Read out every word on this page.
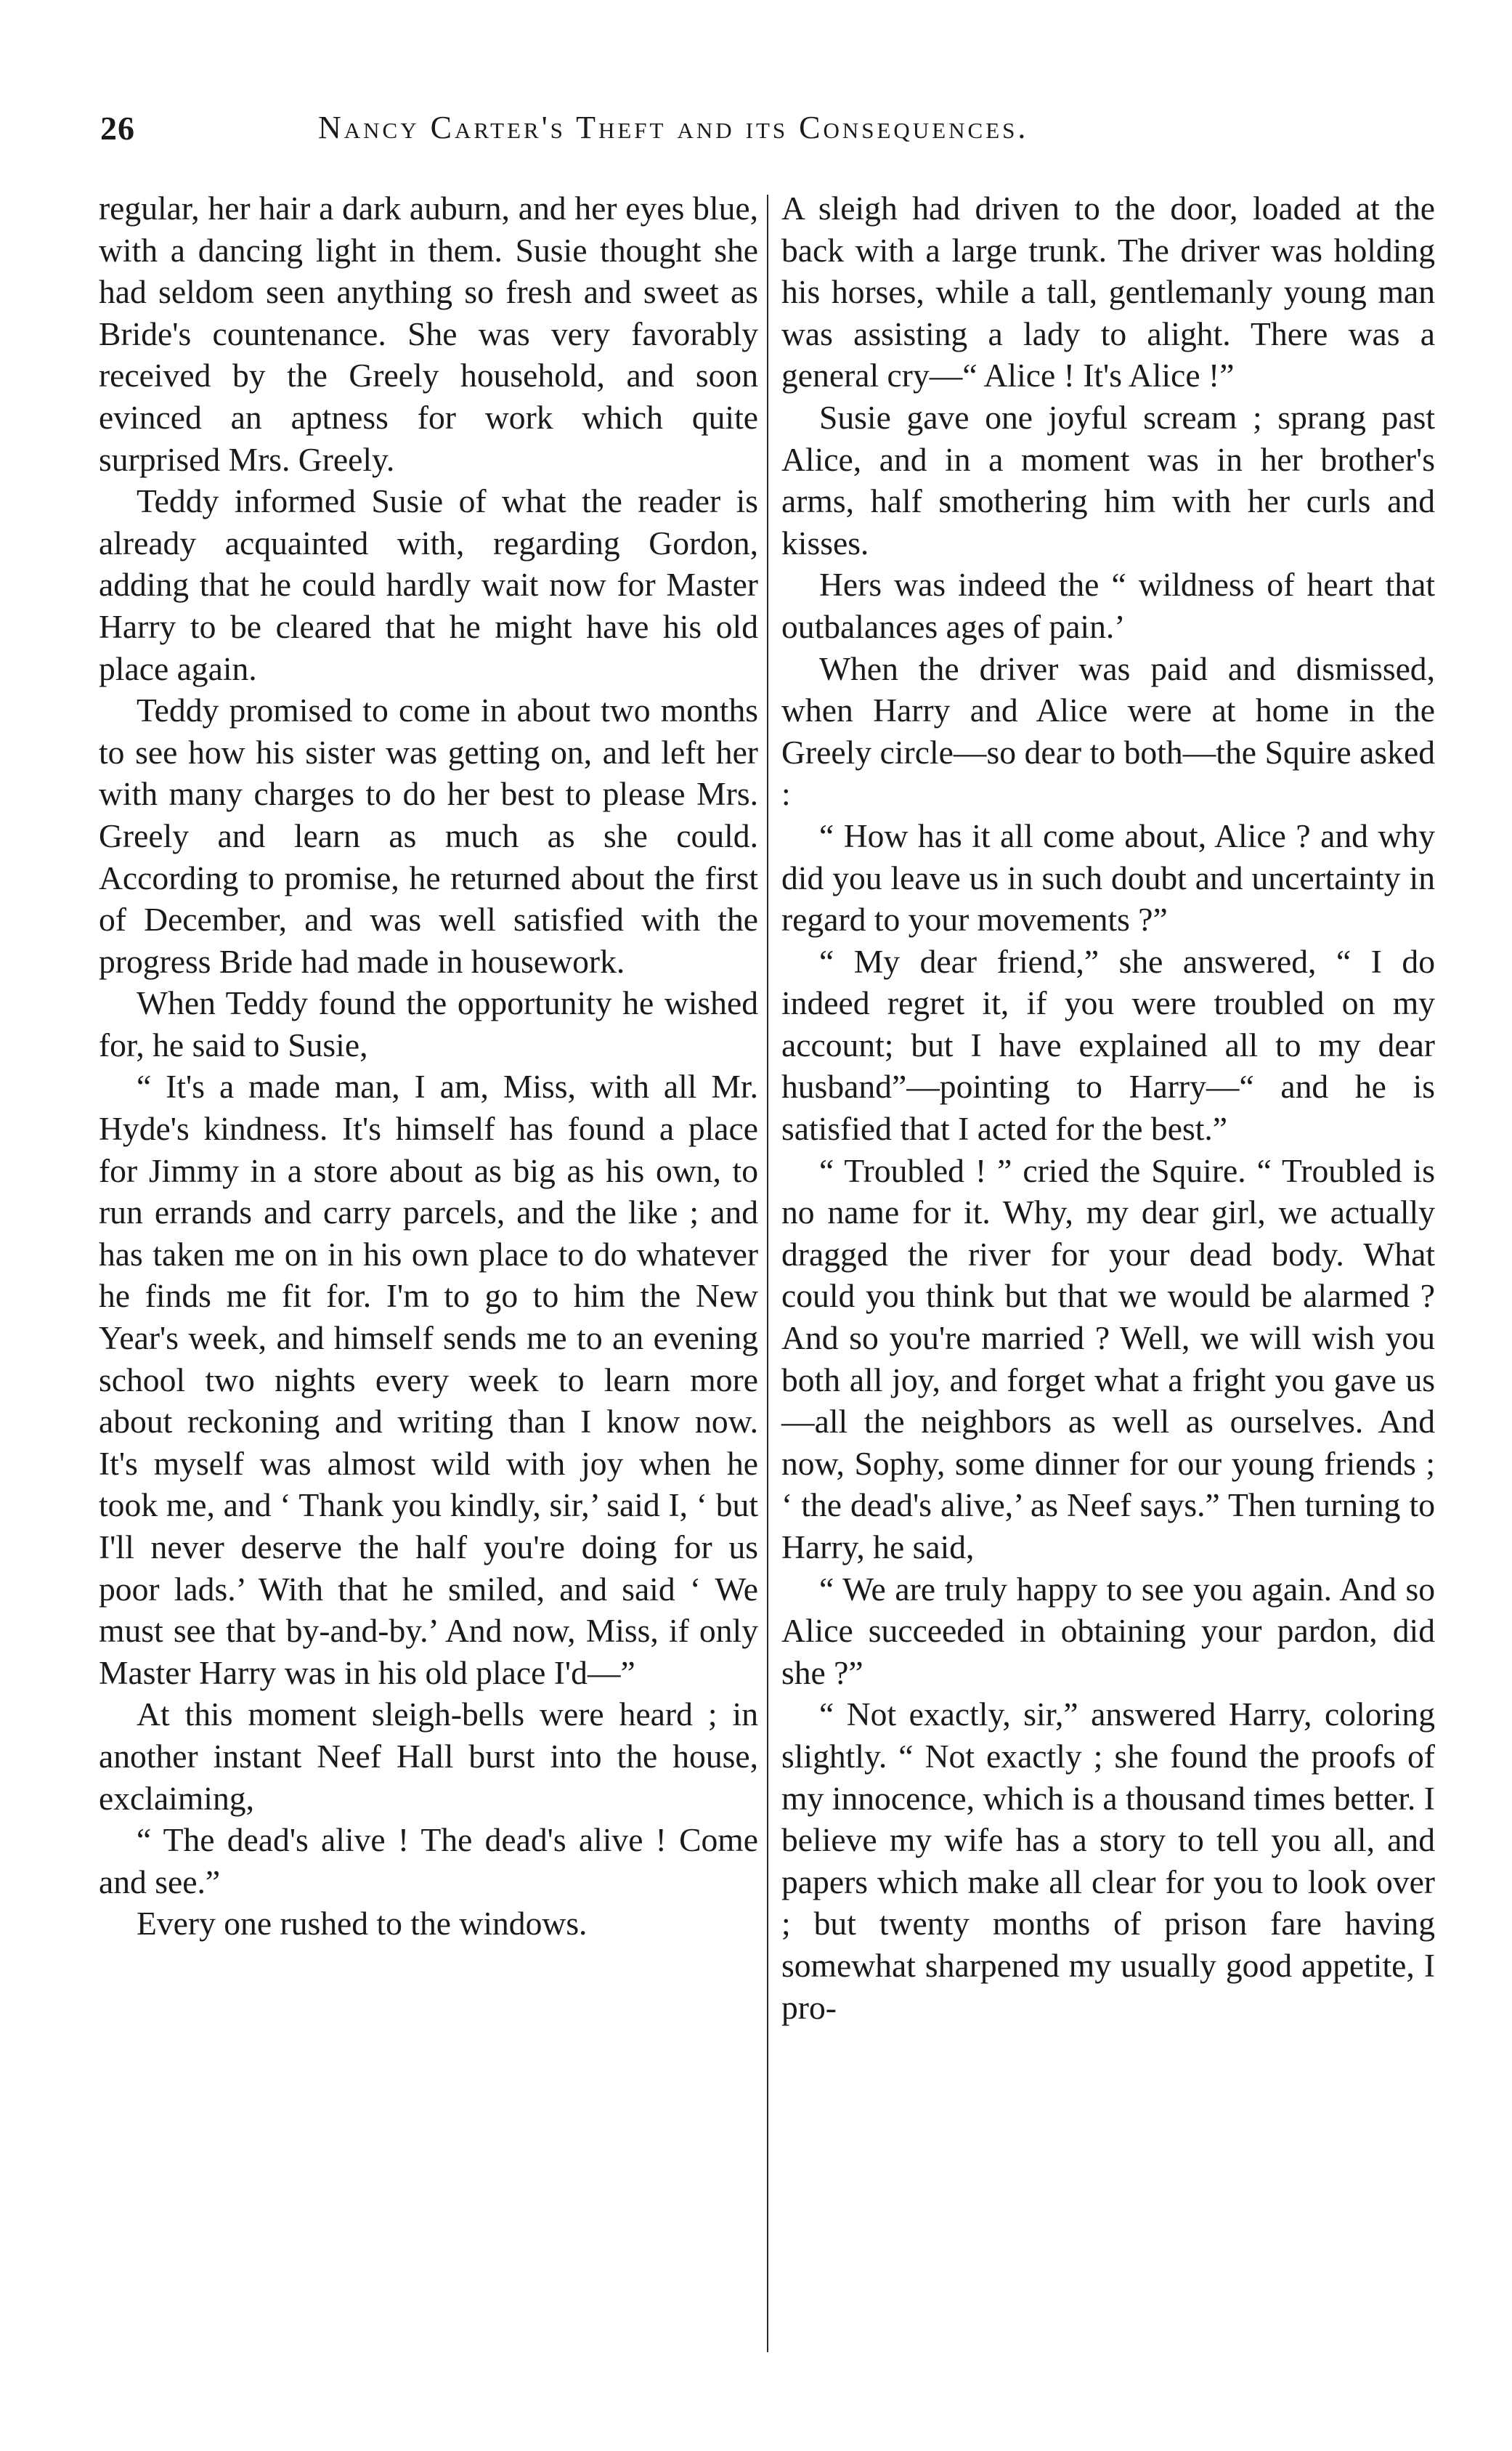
26	Nancy Carter's Theft and its Consequences.

regular, her hair a dark auburn, and her eyes blue, with a dancing light in them. Susie thought she had seldom seen anything so fresh and sweet as Bride's countenance. She was very favorably received by the Greely household, and soon evinced an aptness for work which quite surprised Mrs. Greely.

Teddy informed Susie of what the reader is already acquainted with, regarding Gordon, adding that he could hardly wait now for Master Harry to be cleared that he might have his old place again.

Teddy promised to come in about two months to see how his sister was getting on, and left her with many charges to do her best to please Mrs. Greely and learn as much as she could. According to promise, he returned about the first of December, and was well satisfied with the progress Bride had made in housework.

When Teddy found the opportunity he wished for, he said to Susie,

“ It's a made man, I am, Miss, with all Mr. Hyde's kindness. It's himself has found a place for Jimmy in a store about as big as his own, to run errands and carry parcels, and the like ; and has taken me on in his own place to do whatever he finds me fit for. I'm to go to him the New Year's week, and himself sends me to an evening school two nights every week to learn more about reckoning and writing than I know now. It's myself was almost wild with joy when he took me, and ‘ Thank you kindly, sir,’ said I, ‘ but I'll never deserve the half you're doing for us poor lads.’ With that he smiled, and said ‘ We must see that by-and-by.’ And now, Miss, if only Master Harry was in his old place I'd—”

At this moment sleigh-bells were heard ; in another instant Neef Hall burst into the house, exclaiming,

“ The dead's alive ! The dead's alive ! Come and see.”

Every one rushed to the windows.

A sleigh had driven to the door, loaded at the back with a large trunk. The driver was holding his horses, while a tall, gentlemanly young man was assisting a lady to alight. There was a general cry—“ Alice ! It's Alice !”

Susie gave one joyful scream ; sprang past Alice, and in a moment was in her brother's arms, half smothering him with her curls and kisses.

Hers was indeed the “ wildness of heart that outbalances ages of pain.’

When the driver was paid and dismissed, when Harry and Alice were at home in the Greely circle—so dear to both—the Squire asked :

“ How has it all come about, Alice ? and why did you leave us in such doubt and uncertainty in regard to your movements ?”

“ My dear friend,” she answered, “ I do indeed regret it, if you were troubled on my account; but I have explained all to my dear husband”—pointing to Harry—“ and he is satisfied that I acted for the best.”

“ Troubled ! ” cried the Squire. “ Troubled is no name for it. Why, my dear girl, we actually dragged the river for your dead body. What could you think but that we would be alarmed ? And so you're married ? Well, we will wish you both all joy, and forget what a fright you gave us—all the neighbors as well as ourselves. And now, Sophy, some dinner for our young friends ; ‘ the dead's alive,’ as Neef says.” Then turning to Harry, he said,

“ We are truly happy to see you again. And so Alice succeeded in obtaining your pardon, did she ?”

“ Not exactly, sir,” answered Harry, coloring slightly. “ Not exactly ; she found the proofs of my innocence, which is a thousand times better. I believe my wife has a story to tell you all, and papers which make all clear for you to look over ; but twenty months of prison fare having somewhat sharpened my usually good appetite, I pro-
